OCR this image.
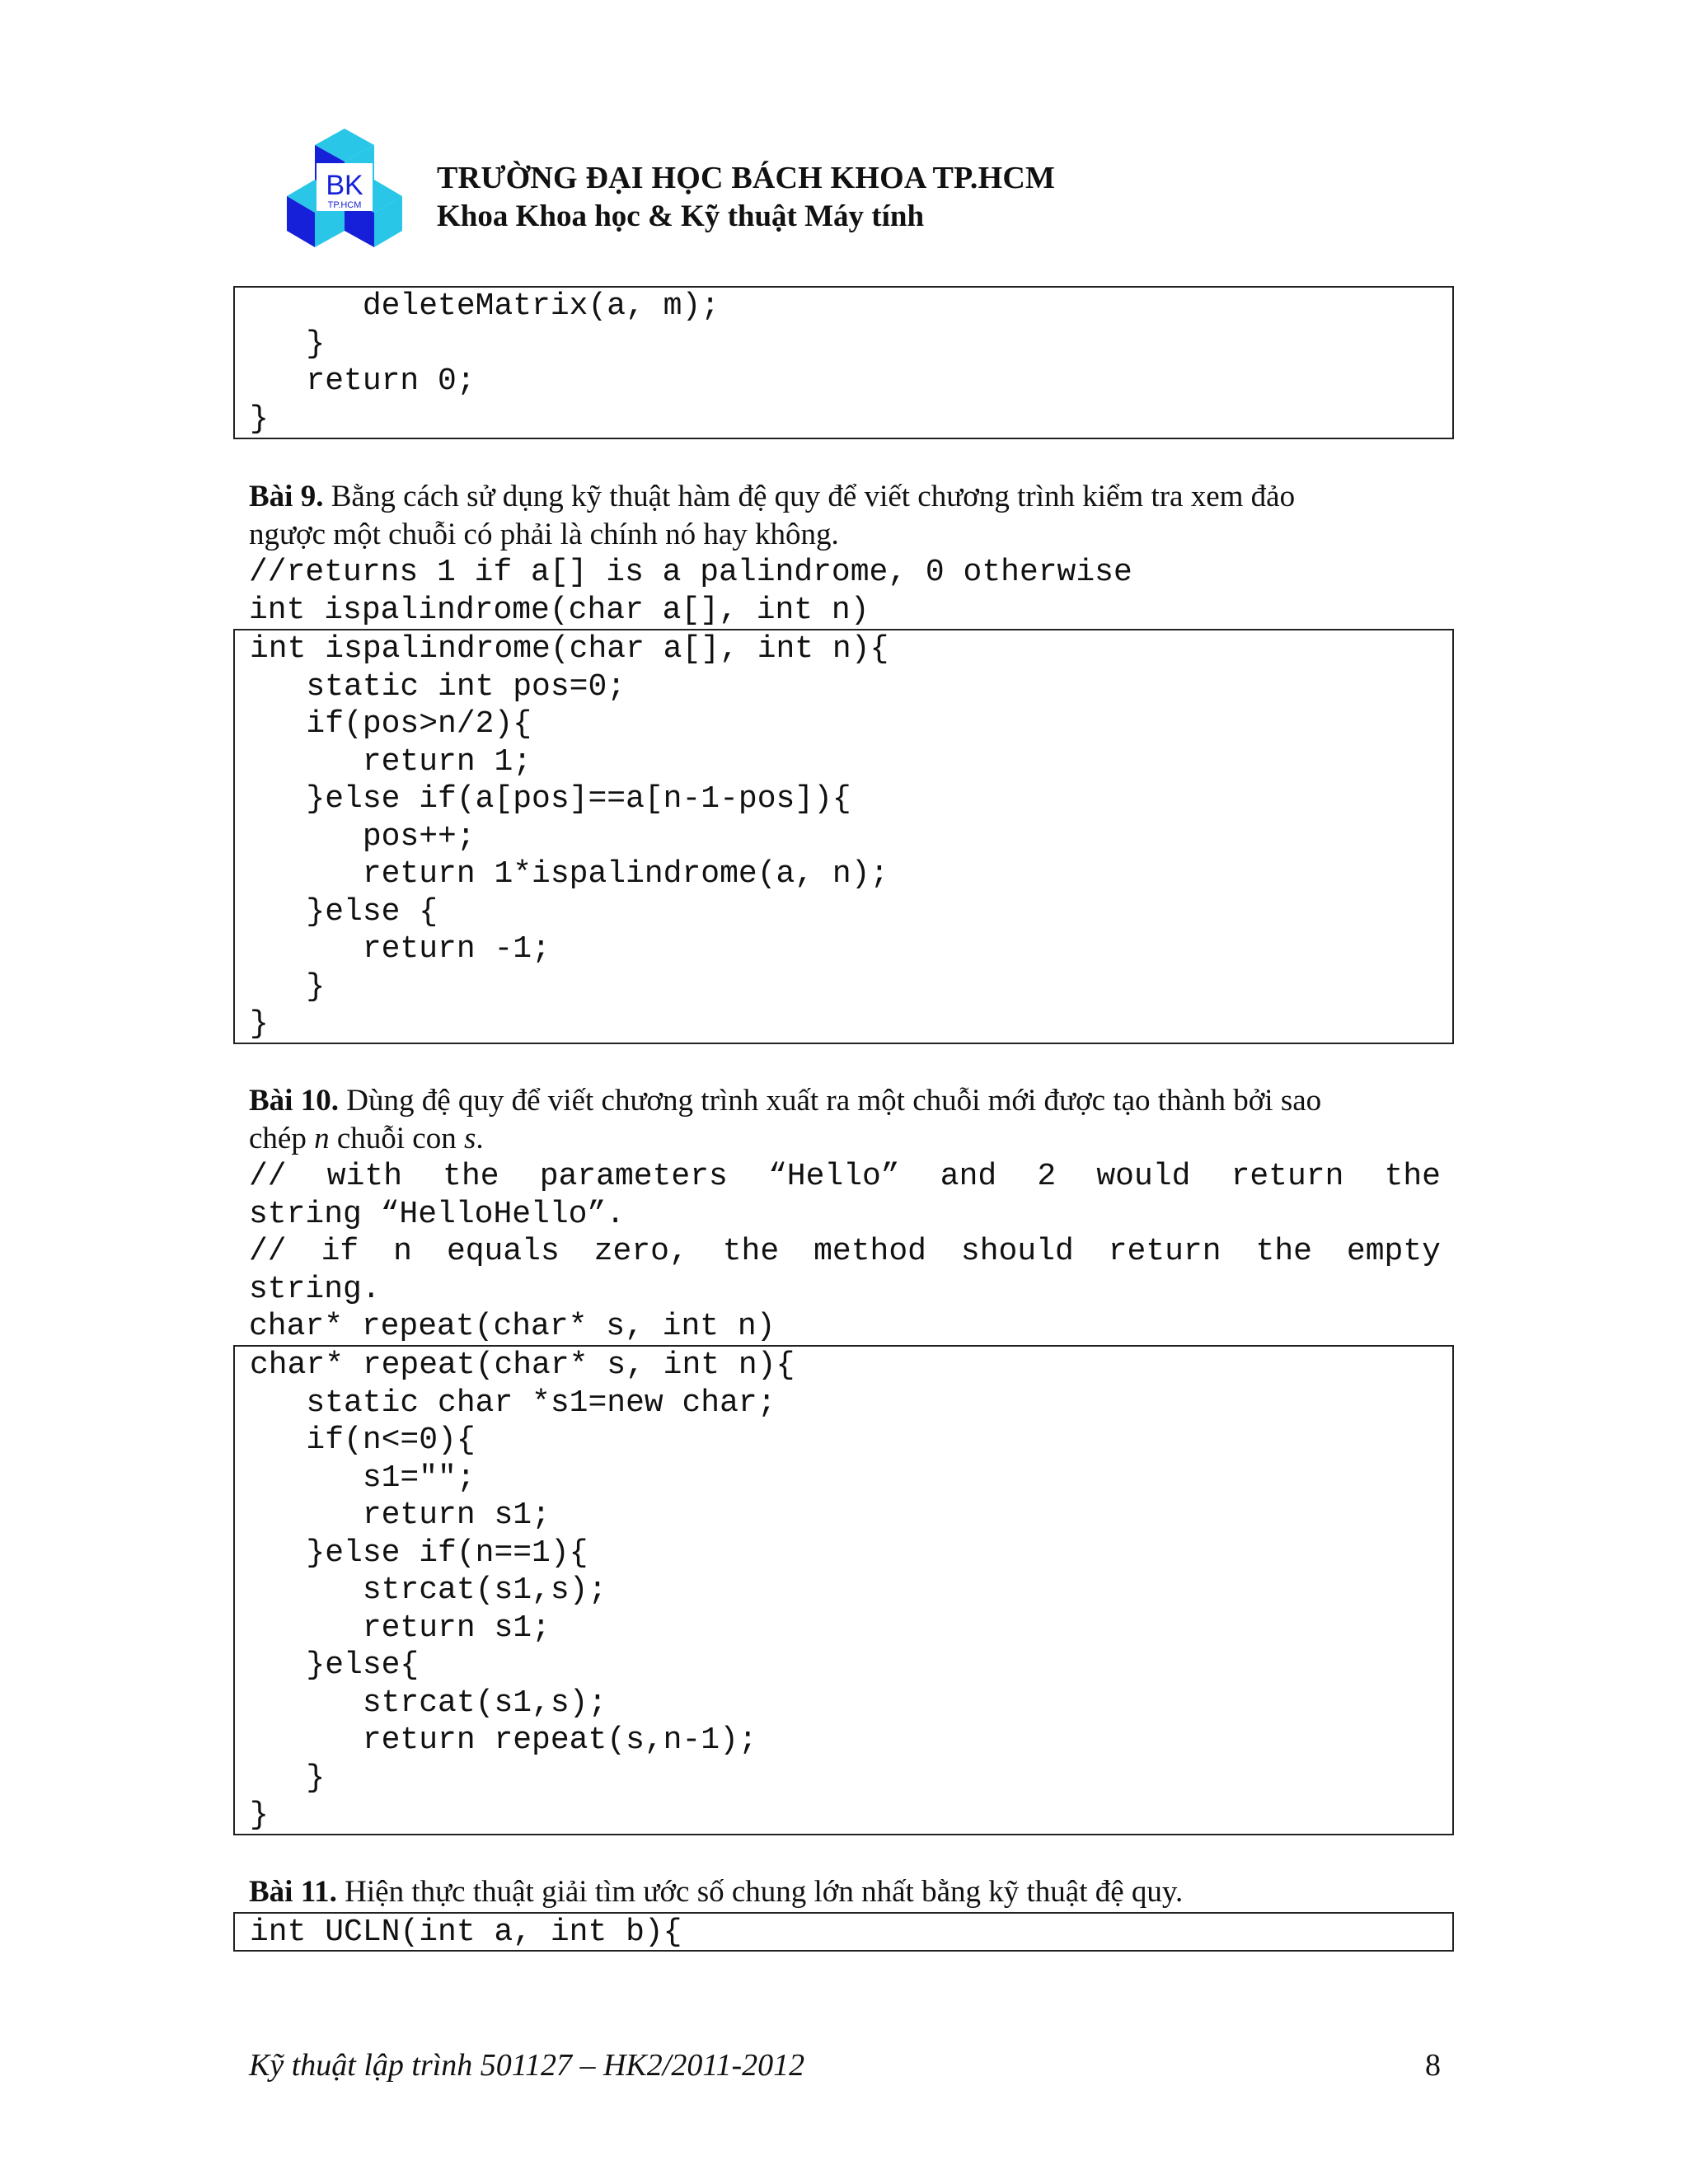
BK
TP.HCM
TRƯỜNG ĐẠI HỌC BÁCH KHOA TP.HCM
Khoa Khoa học & Kỹ thuật Máy tính
deleteMatrix(a, m);
}
return 0;
}
Bài 9. Bằng cách sử dụng kỹ thuật hàm đệ quy để viết chương trình kiểm tra xem đảo
ngược một chuỗi có phải là chính nó hay không.
//returns 1 if a[] is a palindrome, 0 otherwise
int ispalindrome(char a[], int n)
int ispalindrome(char a[], int n){
static int pos=0;
if(pos>n/2){
return 1;
}else if(a[pos]==a[n-1-pos]){
pos++;
return 1*ispalindrome(a, n);
}else {
return -1;
}
}
Bài 10. Dùng đệ quy để viết chương trình xuất ra một chuỗi mới được tạo thành bởi sao
chép n chuỗi con s.
// with the parameters “Hello” and 2 would return the
string “HelloHello”.
// if n equals zero, the method should return the empty
string.
char* repeat(char* s, int n)
char* repeat(char* s, int n){
static char *s1=new char;
if(n<=0){
s1="";
return s1;
}else if(n==1){
strcat(s1,s);
return s1;
}else{
strcat(s1,s);
return repeat(s,n-1);
}
}
Bài 11. Hiện thực thuật giải tìm ước số chung lớn nhất bằng kỹ thuật đệ quy.
int UCLN(int a, int b){
Kỹ thuật lập trình 501127 – HK2/2011-2012	8
